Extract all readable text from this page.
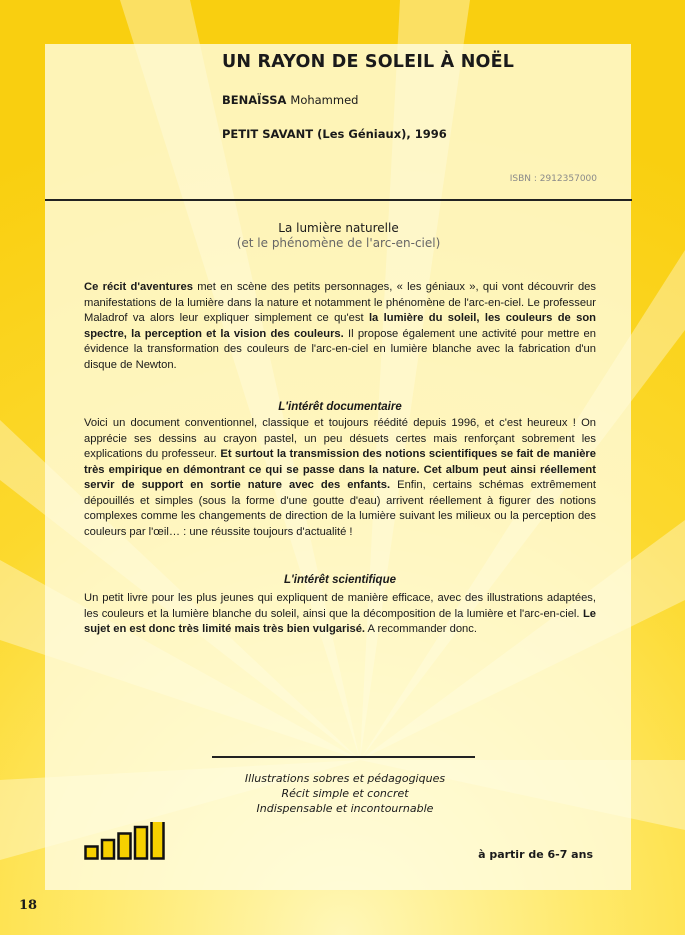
UN RAYON DE SOLEIL À NOËL
BENAÏSSA Mohammed
PETIT SAVANT (Les Géniaux), 1996
ISBN : 2912357000
La lumière naturelle
(et le phénomène de l'arc-en-ciel)
Ce récit d'aventures met en scène des petits personnages, « les géniaux », qui vont découvrir des manifestations de la lumière dans la nature et notamment le phénomène de l'arc-en-ciel. Le professeur Maladrof va alors leur expliquer simplement ce qu'est la lumière du soleil, les couleurs de son spectre, la perception et la vision des couleurs. Il propose également une activité pour mettre en évidence la transformation des couleurs de l'arc-en-ciel en lumière blanche avec la fabrication d'un disque de Newton.
L'intérêt documentaire
Voici un document conventionnel, classique et toujours réédité depuis 1996, et c'est heureux ! On apprécie ses dessins au crayon pastel, un peu désuets certes mais renforçant sobrement les explications du professeur. Et surtout la transmission des notions scientifiques se fait de manière très empirique en démontrant ce qui se passe dans la nature. Cet album peut ainsi réellement servir de support en sortie nature avec des enfants. Enfin, certains schémas extrêmement dépouillés et simples (sous la forme d'une goutte d'eau) arrivent réellement à figurer des notions complexes comme les changements de direction de la lumière suivant les milieux ou la perception des couleurs par l'œil… : une réussite toujours d'actualité !
L'intérêt scientifique
Un petit livre pour les plus jeunes qui expliquent de manière efficace, avec des illustrations adaptées, les couleurs et la lumière blanche du soleil, ainsi que la décomposition de la lumière et l'arc-en-ciel. Le sujet en est donc très limité mais très bien vulgarisé. A recommander donc.
Illustrations sobres et pédagogiques
Récit simple et concret
Indispensable et incontournable
à partir de 6-7 ans
18
